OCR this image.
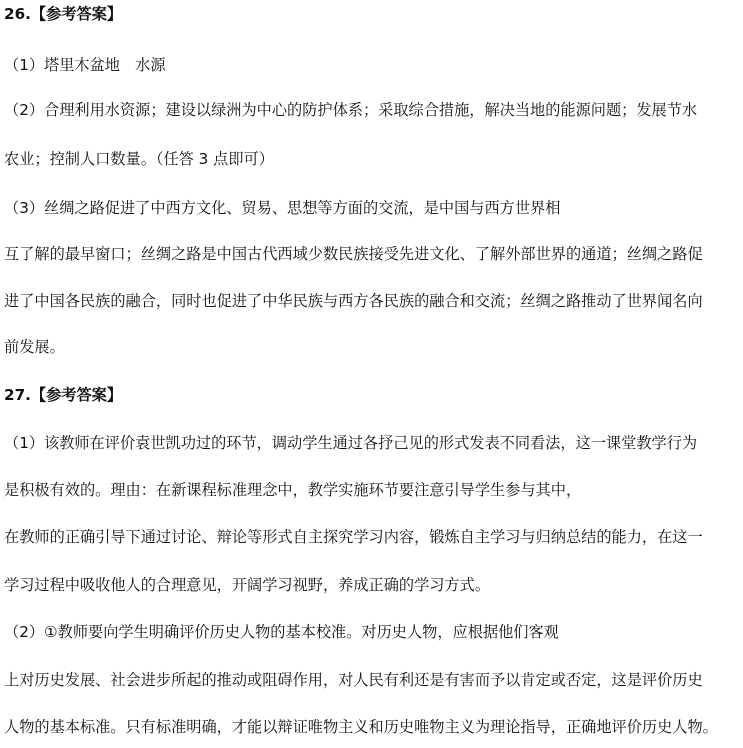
26.【参考答案】
（1）塔里木盆地　水源
（2）合理利用水资源；建设以绿洲为中心的防护体系；采取综合措施，解决当地的能源问题；发展节水
农业；控制人口数量。（任答 3 点即可）
（3）丝绸之路促进了中西方文化、贸易、思想等方面的交流，是中国与西方世界相
互了解的最早窗口；丝绸之路是中国古代西域少数民族接受先进文化、了解外部世界的通道；丝绸之路促
进了中国各民族的融合，同时也促进了中华民族与西方各民族的融合和交流；丝绸之路推动了世界闻名向
前发展。
27.【参考答案】
（1）该教师在评价袁世凯功过的环节，调动学生通过各抒己见的形式发表不同看法，这一课堂教学行为
是积极有效的。理由：在新课程标准理念中，教学实施环节要注意引导学生参与其中，
在教师的正确引导下通过讨论、辩论等形式自主探究学习内容，锻炼自主学习与归纳总结的能力，在这一
学习过程中吸收他人的合理意见，开阔学习视野，养成正确的学习方式。
（2）①教师要向学生明确评价历史人物的基本校准。对历史人物，应根据他们客观
上对历史发展、社会进步所起的推动或阻碍作用，对人民有利还是有害而予以肯定或否定，这是评价历史
人物的基本标准。只有标准明确，才能以辩证唯物主义和历史唯物主义为理论指导，正确地评价历史人物。
